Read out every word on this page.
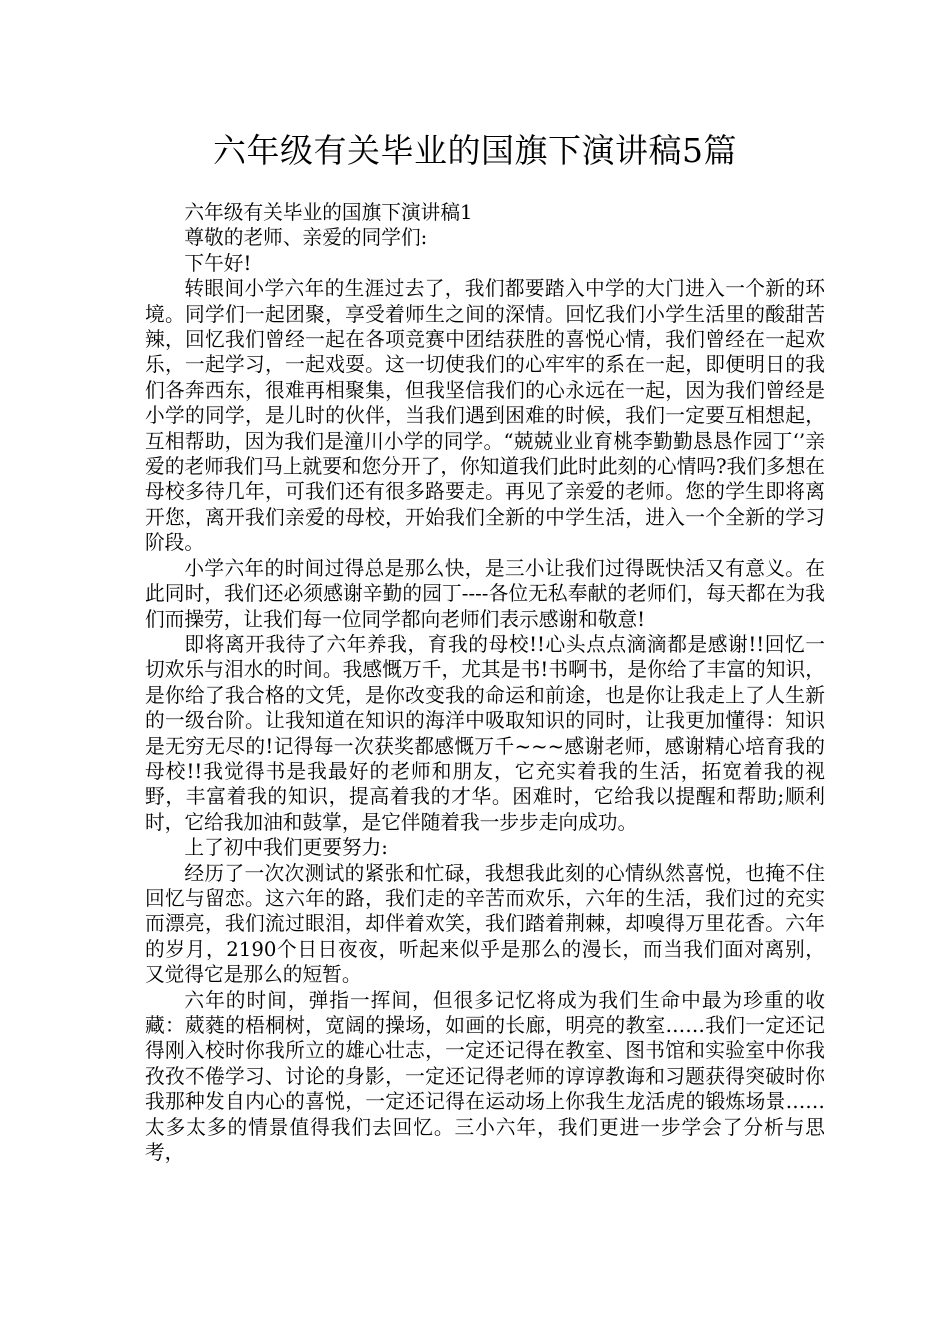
六年级有关毕业的国旗下演讲稿5篇

六年级有关毕业的国旗下演讲稿1

尊敬的老师、亲爱的同学们:

下午好!

转眼间小学六年的生涯过去了，我们都要踏入中学的大门进入一个新的环境。同学们一起团聚，享受着师生之间的深情。回忆我们小学生活里的酸甜苦辣，回忆我们曾经一起在各项竞赛中团结获胜的喜悦心情，我们曾经在一起欢乐，一起学习，一起戏耍。这一切使我们的心牢牢的系在一起，即便明日的我们各奔西东，很难再相聚集，但我坚信我们的心永远在一起，因为我们曾经是小学的同学，是儿时的伙伴，当我们遇到困难的时候，我们一定要互相想起，互相帮助，因为我们是潼川小学的同学。“兢兢业业育桃李勤勤恳恳作园丁‘’亲爱的老师我们马上就要和您分开了，你知道我们此时此刻的心情吗?我们多想在母校多待几年，可我们还有很多路要走。再见了亲爱的老师。您的学生即将离开您，离开我们亲爱的母校，开始我们全新的中学生活，进入一个全新的学习阶段。

小学六年的时间过得总是那么快，是三小让我们过得既快活又有意义。在此同时，我们还必须感谢辛勤的园丁----各位无私奉献的老师们，每天都在为我们而操劳，让我们每一位同学都向老师们表示感谢和敬意!

即将离开我待了六年养我，育我的母校!!心头点点滴滴都是感谢!!回忆一切欢乐与泪水的时间。我感慨万千，尤其是书!书啊书，是你给了丰富的知识，是你给了我合格的文凭，是你改变我的命运和前途，也是你让我走上了人生新的一级台阶。让我知道在知识的海洋中吸取知识的同时，让我更加懂得：知识是无穷无尽的!记得每一次获奖都感慨万千~~~感谢老师，感谢精心培育我的母校!!我觉得书是我最好的老师和朋友，它充实着我的生活，拓宽着我的视野，丰富着我的知识，提高着我的才华。困难时，它给我以提醒和帮助;顺利时，它给我加油和鼓掌，是它伴随着我一步步走向成功。

上了初中我们更要努力:

经历了一次次测试的紧张和忙碌，我想我此刻的心情纵然喜悦，也掩不住回忆与留恋。这六年的路，我们走的辛苦而欢乐，六年的生活，我们过的充实而漂亮，我们流过眼泪，却伴着欢笑，我们踏着荆棘，却嗅得万里花香。六年的岁月，2190个日日夜夜，听起来似乎是那么的漫长，而当我们面对离别，又觉得它是那么的短暂。

六年的时间，弹指一挥间，但很多记忆将成为我们生命中最为珍重的收藏：葳蕤的梧桐树，宽阔的操场，如画的长廊，明亮的教室……我们一定还记得刚入校时你我所立的雄心壮志，一定还记得在教室、图书馆和实验室中你我孜孜不倦学习、讨论的身影，一定还记得老师的谆谆教诲和习题获得突破时你我那种发自内心的喜悦，一定还记得在运动场上你我生龙活虎的锻炼场景……太多太多的情景值得我们去回忆。三小六年，我们更进一步学会了分析与思考，
